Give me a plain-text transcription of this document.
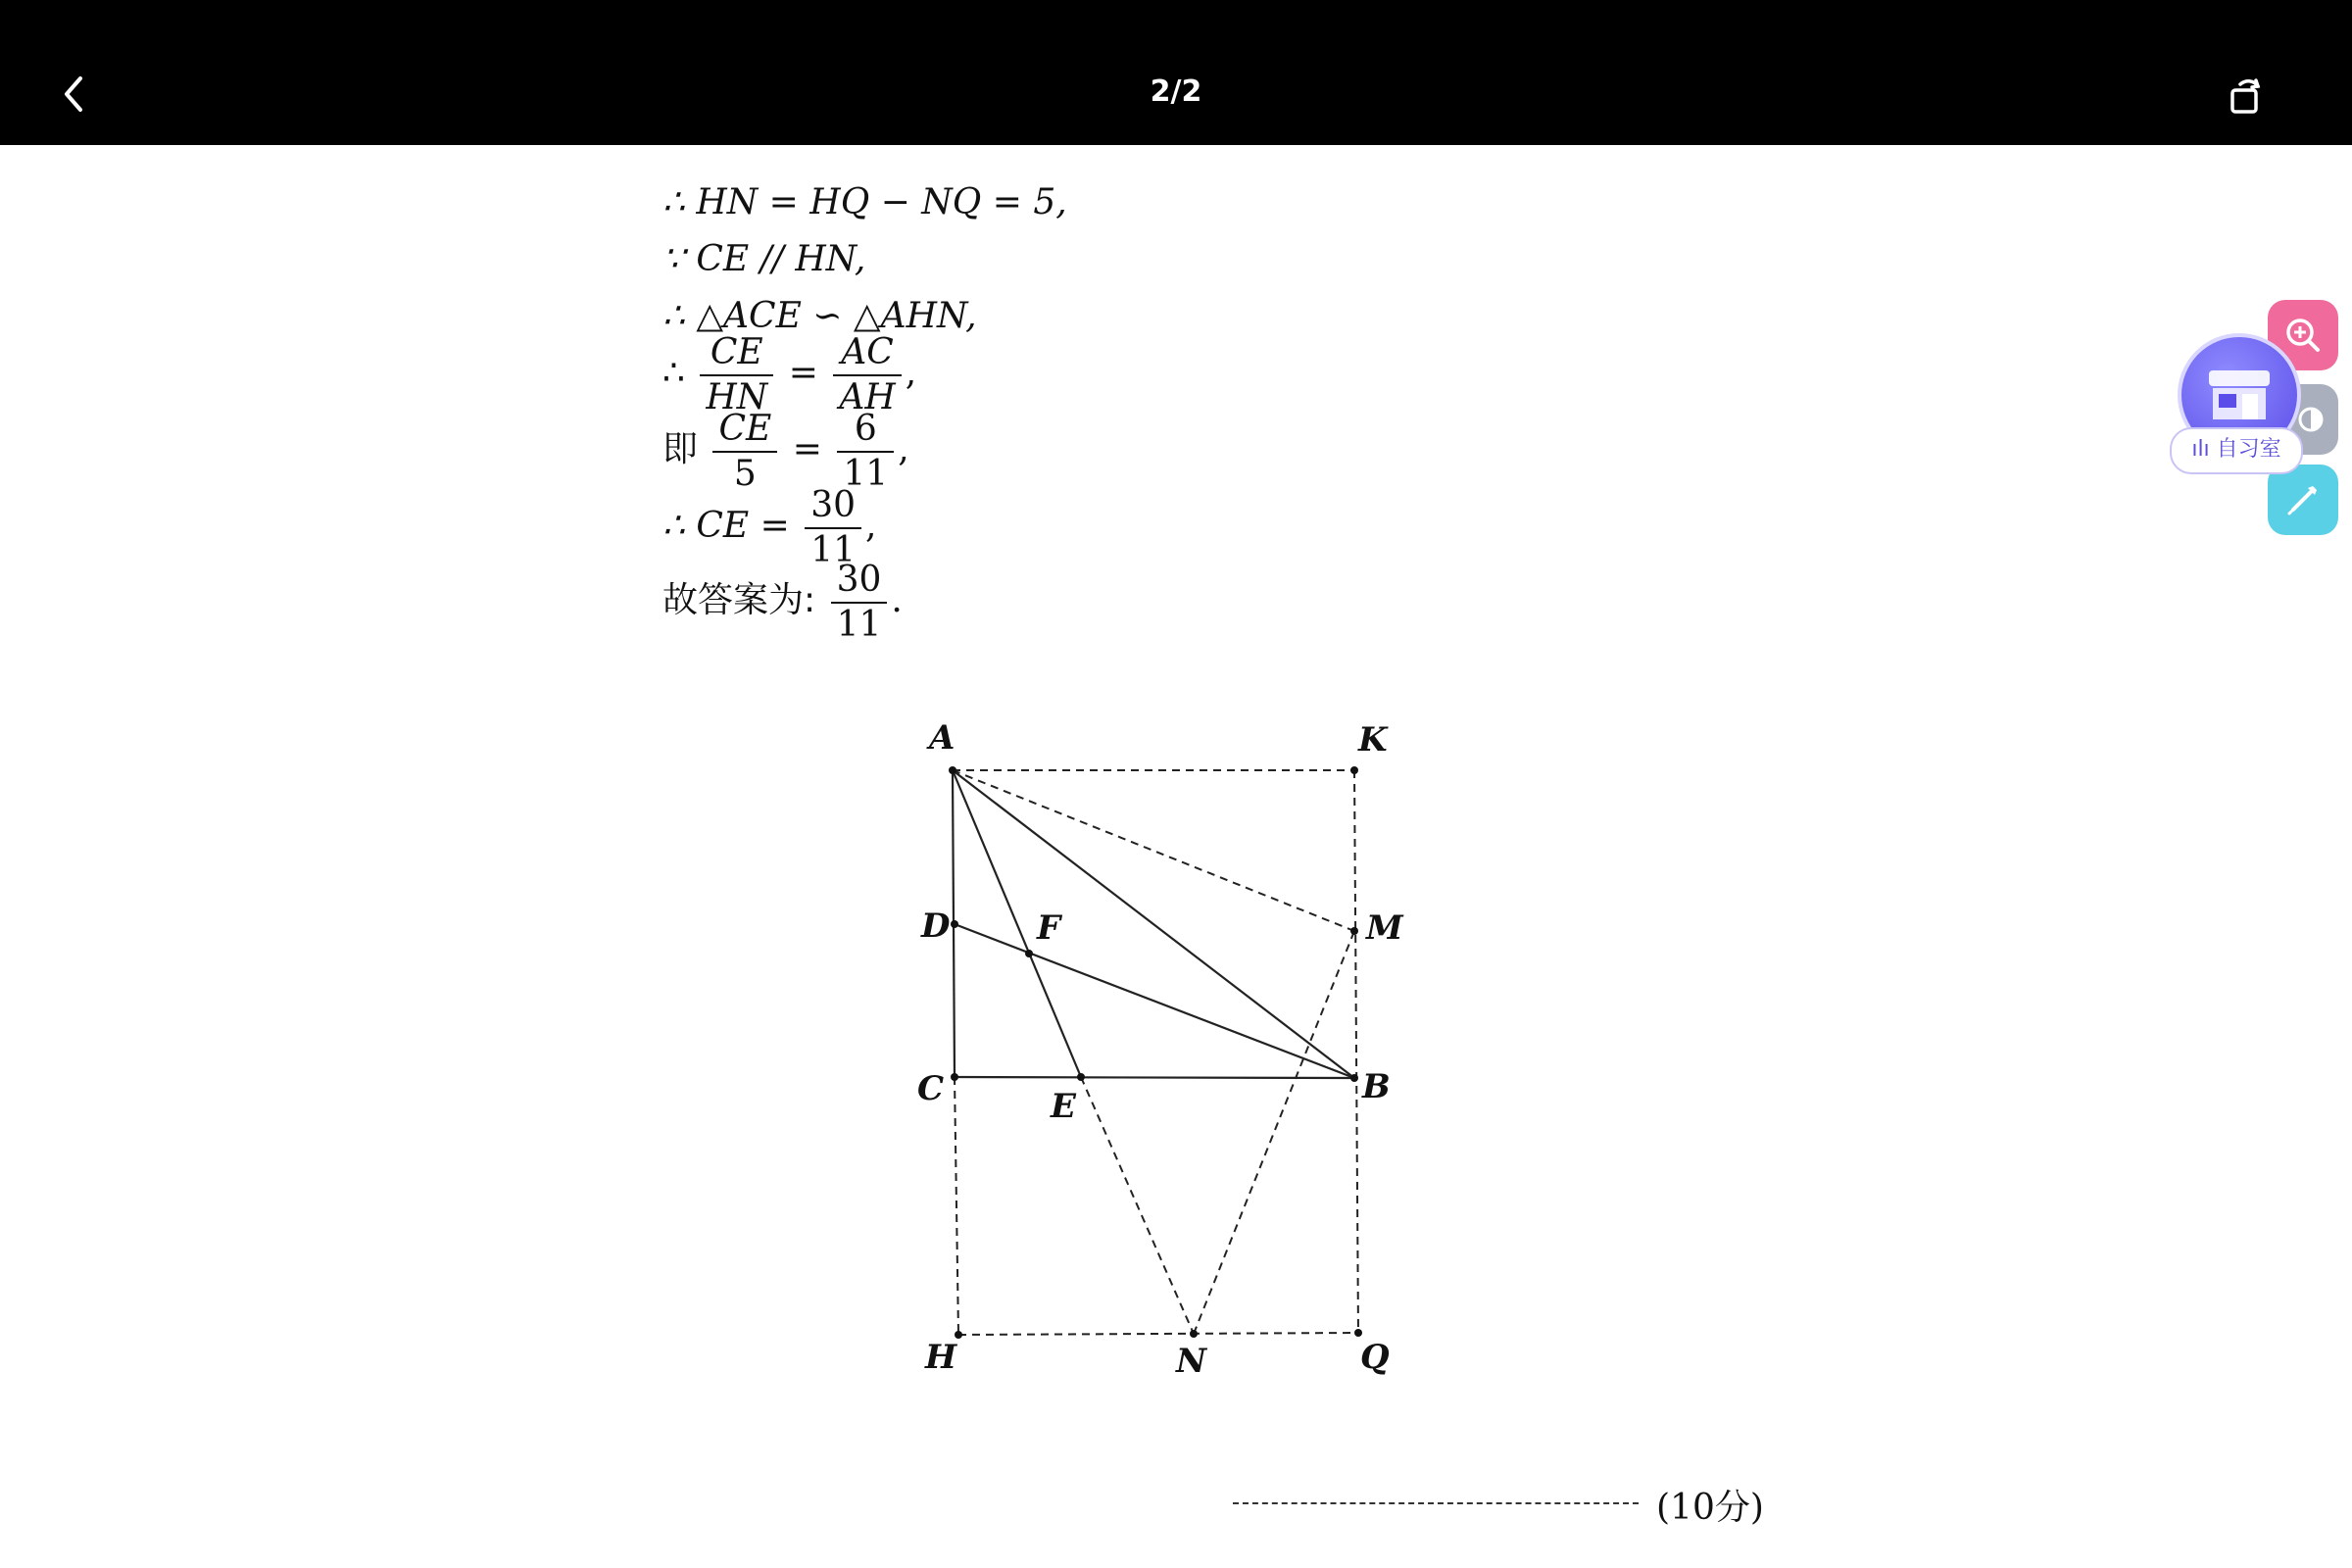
2/2
∴ HN = HQ − NQ = 5,
∵ CE // HN,
∴ △ACE ∽ △AHN,
∴ $\frac{CE}{HN} = \frac{AC}{AH}$ ,
即 $\frac{CE}{5} = \frac{6}{11}$ ,
∴ CE = $\frac{30}{11}$ ,
故答案为: $\frac{30}{11}$ .
A	K
D	F	M
C	E	B
H	N	Q
(10分)
ılı 自习室
